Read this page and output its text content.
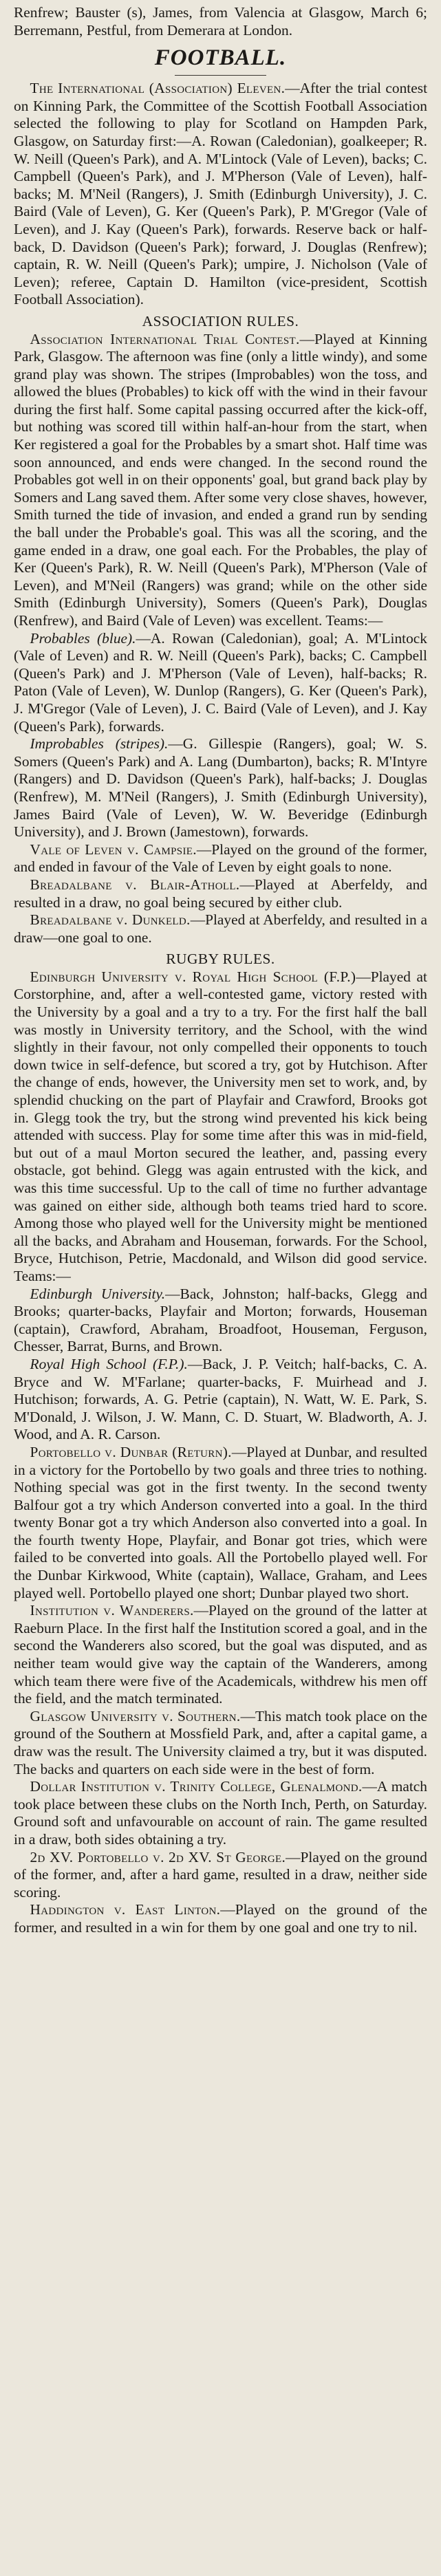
Renfrew; Bauster (s), James, from Valencia at Glasgow, March 6; Berremann, Pestful, from Demerara at London.

FOOTBALL.

The International (Association) Eleven.—After the trial contest on Kinning Park, the Committee of the Scottish Football Association selected the following to play for Scotland on Hampden Park, Glasgow, on Saturday first:—A. Rowan (Caledonian), goalkeeper; R. W. Neill (Queen's Park), and A. M'Lintock (Vale of Leven), backs; C. Campbell (Queen's Park), and J. M'Pherson (Vale of Leven), half-backs; M. M'Neil (Rangers), J. Smith (Edinburgh University), J. C. Baird (Vale of Leven), G. Ker (Queen's Park), P. M'Gregor (Vale of Leven), and J. Kay (Queen's Park), forwards. Reserve back or half-back, D. Davidson (Queen's Park); forward, J. Douglas (Renfrew); captain, R. W. Neill (Queen's Park); umpire, J. Nicholson (Vale of Leven); referee, Captain D. Hamilton (vice-president, Scottish Football Association).

ASSOCIATION RULES.

Association International Trial Contest.—Played at Kinning Park, Glasgow. The afternoon was fine (only a little windy), and some grand play was shown. The stripes (Improbables) won the toss, and allowed the blues (Probables) to kick off with the wind in their favour during the first half. Some capital passing occurred after the kick-off, but nothing was scored till within half-an-hour from the start, when Ker registered a goal for the Probables by a smart shot. Half time was soon announced, and ends were changed. In the second round the Probables got well in on their opponents' goal, but grand back play by Somers and Lang saved them. After some very close shaves, however, Smith turned the tide of invasion, and ended a grand run by sending the ball under the Probable's goal. This was all the scoring, and the game ended in a draw, one goal each. For the Probables, the play of Ker (Queen's Park), R. W. Neill (Queen's Park), M'Pherson (Vale of Leven), and M'Neil (Rangers) was grand; while on the other side Smith (Edinburgh University), Somers (Queen's Park), Douglas (Renfrew), and Baird (Vale of Leven) was excellent. Teams:—

Probables (blue).—A. Rowan (Caledonian), goal; A. M'Lintock (Vale of Leven) and R. W. Neill (Queen's Park), backs; C. Campbell (Queen's Park) and J. M'Pherson (Vale of Leven), half-backs; R. Paton (Vale of Leven), W. Dunlop (Rangers), G. Ker (Queen's Park), J. M'Gregor (Vale of Leven), J. C. Baird (Vale of Leven), and J. Kay (Queen's Park), forwards.

Improbables (stripes).—G. Gillespie (Rangers), goal; W. S. Somers (Queen's Park) and A. Lang (Dumbarton), backs; R. M'Intyre (Rangers) and D. Davidson (Queen's Park), half-backs; J. Douglas (Renfrew), M. M'Neil (Rangers), J. Smith (Edinburgh University), James Baird (Vale of Leven), W. W. Beveridge (Edinburgh University), and J. Brown (Jamestown), forwards.

Vale of Leven v. Campsie.—Played on the ground of the former, and ended in favour of the Vale of Leven by eight goals to none.

Breadalbane v. Blair-Atholl.—Played at Aberfeldy, and resulted in a draw, no goal being secured by either club.

Breadalbane v. Dunkeld.—Played at Aberfeldy, and resulted in a draw—one goal to one.

RUGBY RULES.

Edinburgh University v. Royal High School (F.P.)—Played at Corstorphine, and, after a well-contested game, victory rested with the University by a goal and a try to a try. For the first half the ball was mostly in University territory, and the School, with the wind slightly in their favour, not only compelled their opponents to touch down twice in self-defence, but scored a try, got by Hutchison. After the change of ends, however, the University men set to work, and, by splendid chucking on the part of Playfair and Crawford, Brooks got in. Glegg took the try, but the strong wind prevented his kick being attended with success. Play for some time after this was in mid-field, but out of a maul Morton secured the leather, and, passing every obstacle, got behind. Glegg was again entrusted with the kick, and was this time successful. Up to the call of time no further advantage was gained on either side, although both teams tried hard to score. Among those who played well for the University might be mentioned all the backs, and Abraham and Houseman, forwards. For the School, Bryce, Hutchison, Petrie, Macdonald, and Wilson did good service. Teams:—

Edinburgh University.—Back, Johnston; half-backs, Glegg and Brooks; quarter-backs, Playfair and Morton; forwards, Houseman (captain), Crawford, Abraham, Broadfoot, Houseman, Ferguson, Chesser, Barrat, Burns, and Brown.

Royal High School (F.P.).—Back, J. P. Veitch; half-backs, C. A. Bryce and W. M'Farlane; quarter-backs, F. Muirhead and J. Hutchison; forwards, A. G. Petrie (captain), N. Watt, W. E. Park, S. M'Donald, J. Wilson, J. W. Mann, C. D. Stuart, W. Bladworth, A. J. Wood, and A. R. Carson.

Portobello v. Dunbar (Return).—Played at Dunbar, and resulted in a victory for the Portobello by two goals and three tries to nothing. Nothing special was got in the first twenty. In the second twenty Balfour got a try which Anderson converted into a goal. In the third twenty Bonar got a try which Anderson also converted into a goal. In the fourth twenty Hope, Playfair, and Bonar got tries, which were failed to be converted into goals. All the Portobello played well. For the Dunbar Kirkwood, White (captain), Wallace, Graham, and Lees played well. Portobello played one short; Dunbar played two short.

Institution v. Wanderers.—Played on the ground of the latter at Raeburn Place. In the first half the Institution scored a goal, and in the second the Wanderers also scored, but the goal was disputed, and as neither team would give way the captain of the Wanderers, among which team there were five of the Academicals, withdrew his men off the field, and the match terminated.

Glasgow University v. Southern.—This match took place on the ground of the Southern at Mossfield Park, and, after a capital game, a draw was the result. The University claimed a try, but it was disputed. The backs and quarters on each side were in the best of form.

Dollar Institution v. Trinity College, Glenalmond.—A match took place between these clubs on the North Inch, Perth, on Saturday. Ground soft and unfavourable on account of rain. The game resulted in a draw, both sides obtaining a try.

2d XV. Portobello v. 2d XV. St George.—Played on the ground of the former, and, after a hard game, resulted in a draw, neither side scoring.

Haddington v. East Linton.—Played on the ground of the former, and resulted in a win for them by one goal and one try to nil.
